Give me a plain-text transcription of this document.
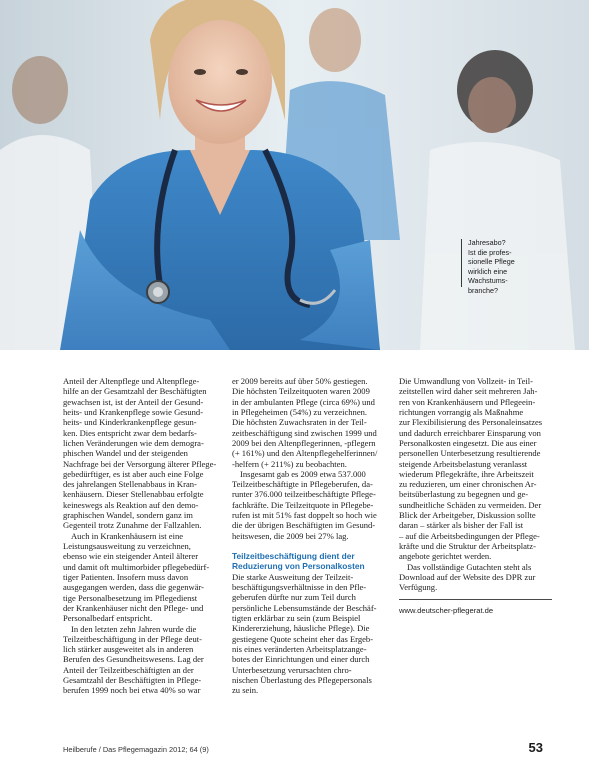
Jahresabo?
Ist die profes-
sionelle Pflege
wirklich eine
Wachstums-
branche?
Anteil der Altenpflege und Altenpflege-
hilfe an der Gesamtzahl der Beschäftigten
gewachsen ist, ist der Anteil der Gesund-
heits- und Krankenpflege sowie Gesund-
heits- und Kinderkrankenpflege gesun-
ken. Dies entspricht zwar dem bedarfs-
lichen Veränderungen wie dem demogra-
phischen Wandel und der steigenden
Nachfrage bei der Versorgung älterer Pflege-
gebedürftiger, es ist aber auch eine Folge
des jahrelangen Stellenabbaus in Kran-
kenhäusern. Dieser Stellenabbau erfolgte
keineswegs als Reaktion auf den demo-
graphischen Wandel, sondern ganz im
Gegenteil trotz Zunahme der Fallzahlen.
Auch in Krankenhäusern ist eine
Leistungsausweitung zu verzeichnen,
ebenso wie ein steigender Anteil älterer
und damit oft multimorbider pflegebedürf-
tiger Patienten. Insofern muss davon
ausgegangen werden, dass die gegenwär-
tige Personalbesetzung im Pflegedienst
der Krankenhäuser nicht den Pflege- und
Personalbedarf entspricht.
In den letzten zehn Jahren wurde die
Teilzeitbeschäftigung in der Pflege deut-
lich stärker ausgeweitet als in anderen
Berufen des Gesundheitswesens. Lag der
Anteil der Teilzeitbeschäftigten an der
Gesamtzahl der Beschäftigten in Pflege-
berufen 1999 noch bei etwa 40% so war
er 2009 bereits auf über 50% gestiegen.
Die höchsten Teilzeitquoten waren 2009
in der ambulanten Pflege (circa 69%) und
in Pflegeheimen (54%) zu verzeichnen.
Die höchsten Zuwachsraten in der Teil-
zeitbeschäftigung sind zwischen 1999 und
2009 bei den Altenpflegerinnen, -pflegern
(+ 161%) und den Altenpflegehelferinnen/
-helfern (+ 211%) zu beobachten.
Insgesamt gab es 2009 etwa 537.000
Teilzeitbeschäftigte in Pflegeberufen, da-
runter 376.000 teilzeitbeschäftigte Pflege-
fachkräfte. Die Teilzeitquote in Pflegebe-
rufen ist mit 51% fast doppelt so hoch wie
die der übrigen Beschäftigten im Gesund-
heitswesen, die 2009 bei 27% lag.
Teilzeitbeschäftigung dient der
Reduzierung von Personalkosten
Die starke Ausweitung der Teilzeit-
beschäftigungsverhältnisse in den Pfle-
geberufen dürfte nur zum Teil durch
persönliche Lebensumstände der Beschäf-
tigten erklärbar zu sein (zum Beispiel
Kindererziehung, häusliche Pflege). Die
gestiegene Quote scheint eher das Ergeb-
nis eines veränderten Arbeitsplatzange-
botes der Einrichtungen und einer durch
Unterbesetzung verursachten chro-
nischen Überlastung des Pflegepersonals
zu sein.
Die Umwandlung von Vollzeit- in Teil-
zeitstellen wird daher seit mehreren Jah-
ren von Krankenhäusern und Pflegeein-
richtungen vorrangig als Maßnahme
zur Flexibilisierung des Personaleinsatzes
und dadurch erreichbarer Einsparung von
Personalkosten eingesetzt. Die aus einer
personellen Unterbesetzung resultierende
steigende Arbeitsbelastung veranlasst
wiederum Pflegekräfte, ihre Arbeitszeit
zu reduzieren, um einer chronischen Ar-
beitsüberlastung zu begegnen und ge-
sundheitliche Schäden zu vermeiden. Der
Blick der Arbeitgeber, Diskussion sollte
daran – stärker als bisher der Fall ist
– auf die Arbeitsbedingungen der Pflege-
kräfte und die Struktur der Arbeitsplatz-
angebote gerichtet werden.
Das vollständige Gutachten steht als
Download auf der Website des DPR zur
Verfügung.
www.deutscher-pflegerat.de
Heilberufe / Das Pflegemagazin 2012; 64 (9)	53
